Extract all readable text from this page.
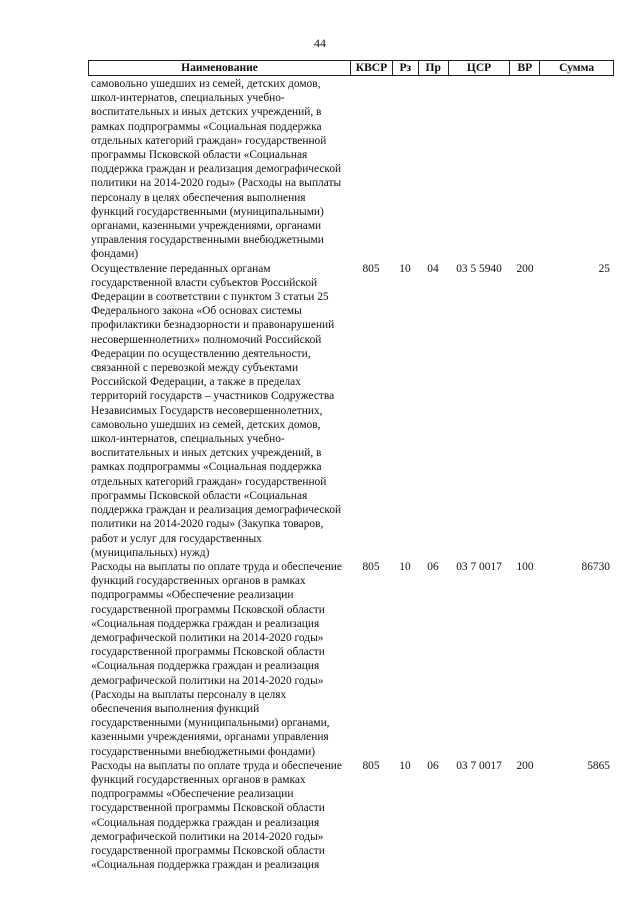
44
Наименование	КВСР	Рз	Пр	ЦСР	ВР	Сумма
самовольно ушедших из семей, детских домов, школ-интернатов, специальных учебно-воспитательных и иных детских учреждений, в рамках подпрограммы «Социальная поддержка отдельных категорий граждан» государственной программы Псковской области «Социальная поддержка граждан и реализация демографической политики на 2014-2020 годы» (Расходы на выплаты персоналу в целях обеспечения выполнения функций государственными (муниципальными) органами, казенными учреждениями, органами управления государственными внебюджетными фондами)
Осуществление переданных органам государственной власти субъектов Российской Федерации в соответствии с пунктом 3 статьи 25 Федерального закона «Об основах системы профилактики безнадзорности и правонарушений несовершеннолетних» полномочий Российской Федерации по осуществлению деятельности, связанной с перевозкой между субъектами Российской Федерации, а также в пределах территорий государств – участников Содружества Независимых Государств несовершеннолетних, самовольно ушедших из семей, детских домов, школ-интернатов, специальных учебно-воспитательных и иных детских учреждений, в рамках подпрограммы «Социальная поддержка отдельных категорий граждан» государственной программы Псковской области «Социальная поддержка граждан и реализация демографической политики на 2014-2020 годы» (Закупка товаров, работ и услуг для государственных (муниципальных) нужд)
805	10	04	03 5 5940	200	25
Расходы на выплаты по оплате труда и обеспечение функций государственных органов в рамках подпрограммы «Обеспечение реализации государственной программы Псковской области «Социальная поддержка граждан и реализация демографической политики на 2014-2020 годы» государственной программы Псковской области «Социальная поддержка граждан и реализация демографической политики на 2014-2020 годы» (Расходы на выплаты персоналу в целях обеспечения выполнения функций государственными (муниципальными) органами, казенными учреждениями, органами управления государственными внебюджетными фондами)
805	10	06	03 7 0017	100	86730
Расходы на выплаты по оплате труда и обеспечение функций государственных органов в рамках подпрограммы «Обеспечение реализации государственной программы Псковской области «Социальная поддержка граждан и реализация демографической политики на 2014-2020 годы» государственной программы Псковской области «Социальная поддержка граждан и реализация
805	10	06	03 7 0017	200	5865
